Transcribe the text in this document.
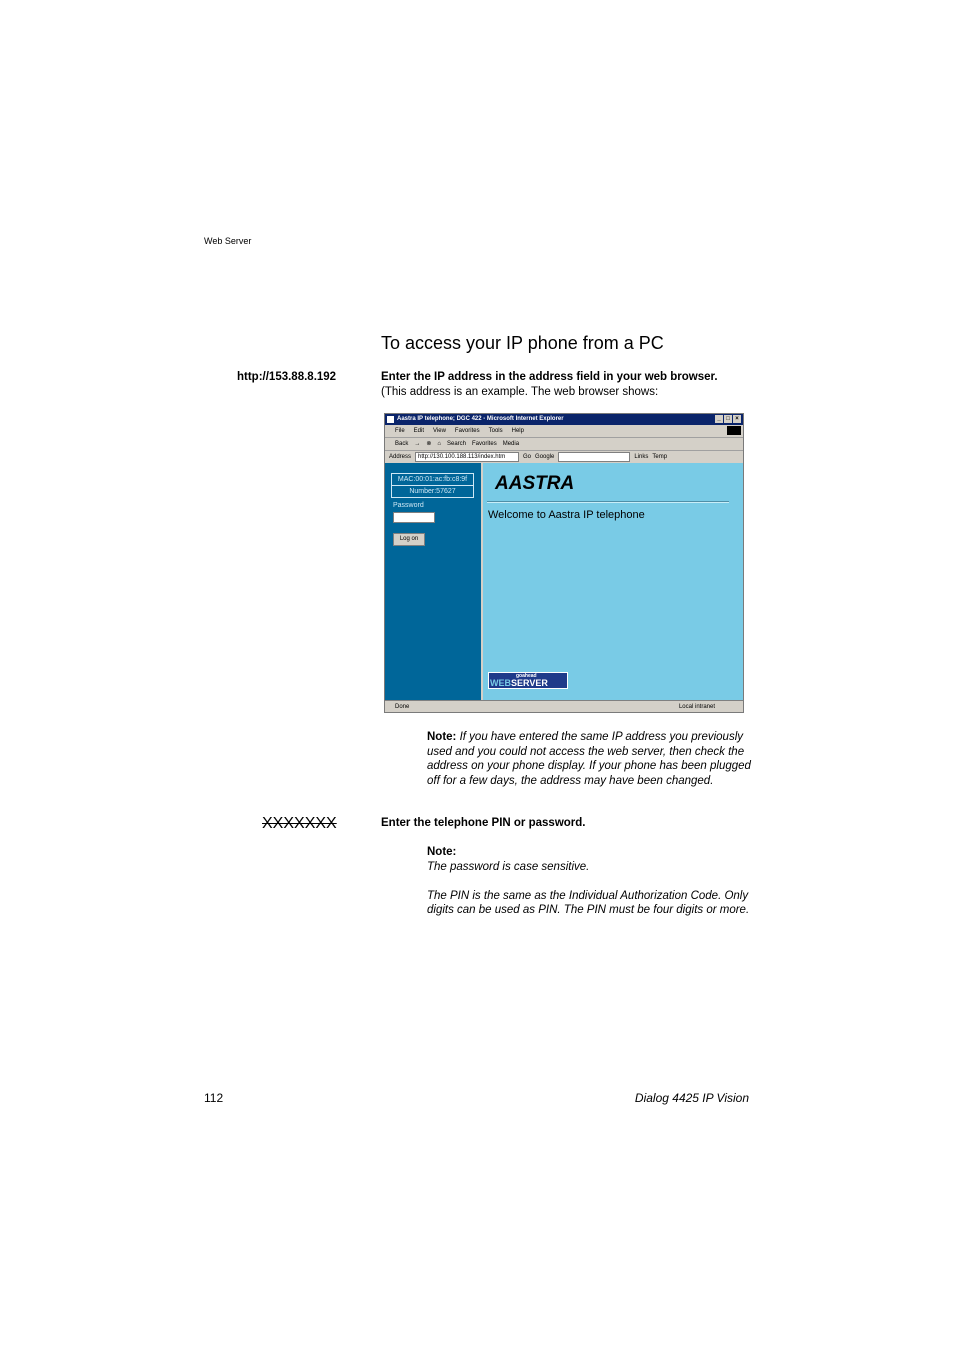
Web Server
To access your IP phone from a PC
http://153.88.8.192	Enter the IP address in the address field in your web browser.
(This address is an example. The web browser shows:
Aastra IP telephone; DGC 422 - Microsoft Internet Explorer	_ □ ×
File Edit View Favorites Tools Help
Back → ⊗ ⌂ Search Favorites Media
Address	http://130.100.188.113/index.htm	Go Google	Links Temp
MAC:00:01:ac:fb:c8:9f
Number:57627
Password
Log on
AASTRA
Welcome to Aastra IP telephone
goahead
WEBSERVER
Done	Local intranet
Note: If you have entered the same IP address you previously used and you could not access the web server, then check the address on your phone display. If your phone has been plugged off for a few days, the address may have been changed.
XXXXXXX	Enter the telephone PIN or password.
Note:
The password is case sensitive.
The PIN is the same as the Individual Authorization Code. Only digits can be used as PIN. The PIN must be four digits or more.
112	Dialog 4425 IP Vision
